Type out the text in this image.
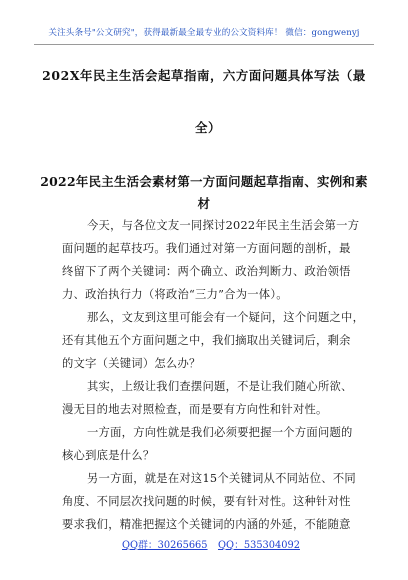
关注头条号"公文研究"，获得最新最全最专业的公文资料库！ 微信：gongwenyj
202X年民主生活会起草指南，六方面问题具体写法（最
全）
2022年民主生活会素材第一方面问题起草指南、实例和素
材
今天，与各位文友一同探讨2022年民主生活会第一方
面问题的起草技巧。我们通过对第一方面问题的剖析，最
终留下了两个关键词：两个确立、政治判断力、政治领悟
力、政治执行力（将政治“三力”合为一体）。
那么，文友到这里可能会有一个疑问，这个问题之中，
还有其他五个方面问题之中，我们摘取出关键词后，剩余
的文字（关键词）怎么办？
其实，上级让我们查摆问题，不是让我们随心所欲、
漫无目的地去对照检查，而是要有方向性和针对性。
一方面，方向性就是我们必须要把握一个方面问题的
核心到底是什么？
另一方面，就是在对这15个关键词从不同站位、不同
角度、不同层次找问题的时候，要有针对性。这种针对性
要求我们，精准把握这个关键词的内涵的外延，不能随意
QQ群：30265665 QQ：535304092
